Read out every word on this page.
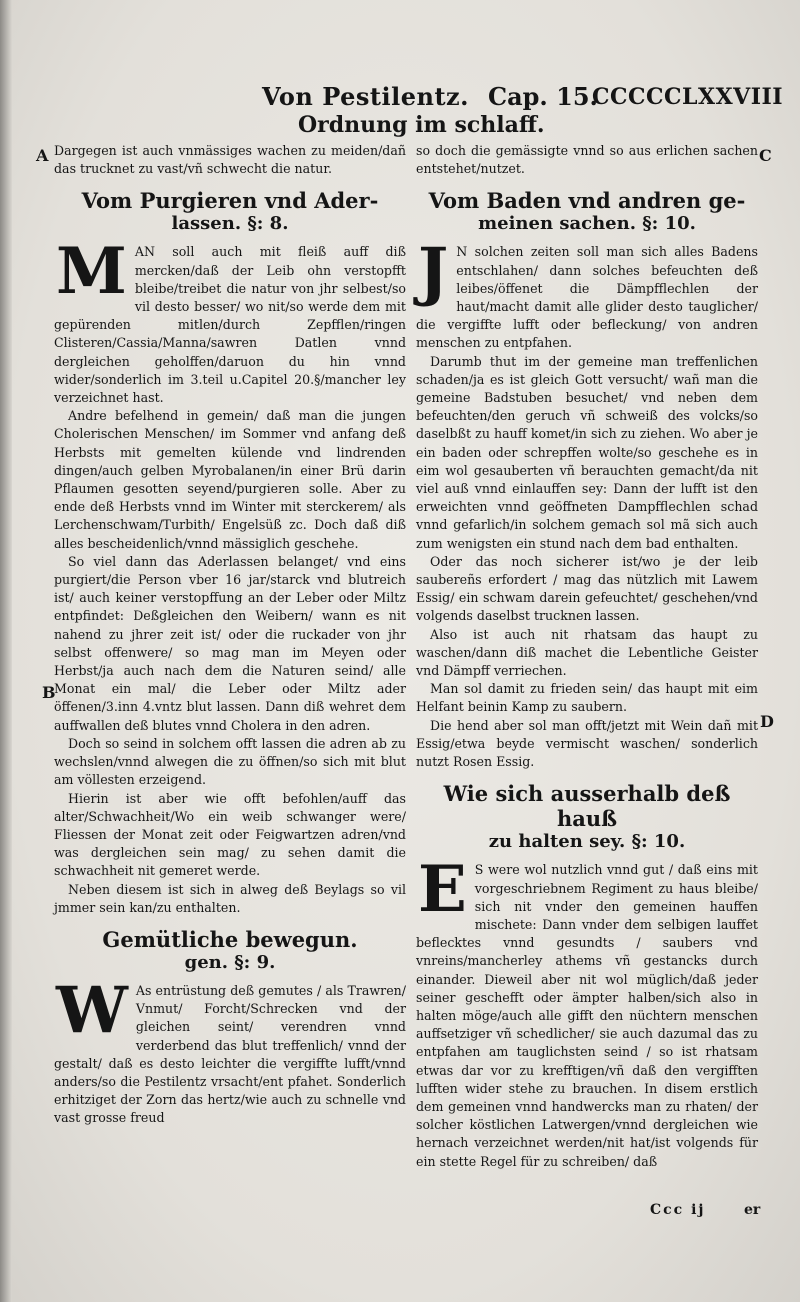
Von Pestilentz. Cap. 15.
CCCCCLXXVIII
Ordnung im schlaff.
A
B
C
D

Dargegen ist auch vnmässiges wachen zu meiden/dañ das trucknet zu vast/vñ schwecht die natur.

Vom Purgieren vnd Ader-
lassen. §: 8.

MAN soll auch mit fleiß auff diß mercken/daß der Leib ohn verstopfft bleibe/treibet die natur von jhr selbest/so vil desto besser/ wo nit/so werde dem mit gepürenden mitlen/durch Zepfflen/ringen Clisteren/Cassia/Manna/sawren Datlen vnnd dergleichen geholffen/daruon du hin vnnd wider/sonderlich im 3.teil u.Capitel 20.§/mancher ley verzeichnet hast.

Andre befelhend in gemein/ daß man die jungen Cholerischen Menschen/ im Sommer vnd anfang deß Herbsts mit gemelten külende vnd lindrenden dingen/auch gelben Myrobalanen/in einer Brü darin Pflaumen gesotten seyend/purgieren solle. Aber zu ende deß Herbsts vnnd im Winter mit sterckerem/ als Lerchenschwam/Turbith/ Engelsüß zc. Doch daß diß alles bescheidenlich/vnnd mässiglich geschehe.

So viel dann das Aderlassen belanget/ vnd eins purgiert/die Person vber 16 jar/starck vnd blutreich ist/ auch keiner verstopffung an der Leber oder Miltz entpfindet: Deßgleichen den Weibern/ wann es nit nahend zu jhrer zeit ist/ oder die ruckader von jhr selbst offenwere/ so mag man im Meyen oder Herbst/ja auch nach dem die Naturen seind/ alle Monat ein mal/ die Leber oder Miltz ader öffenen/3.inn 4.vntz blut lassen. Dann diß wehret dem auffwallen deß blutes vnnd Cholera in den adren.

Doch so seind in solchem offt lassen die adren ab zu wechslen/vnnd alwegen die zu öffnen/so sich mit blut am völlesten erzeigend.

Hierin ist aber wie offt befohlen/auff das alter/Schwachheit/Wo ein weib schwanger were/ Fliessen der Monat zeit oder Feigwartzen adren/vnd was dergleichen sein mag/ zu sehen damit die schwachheit nit gemeret werde.

Neben diesem ist sich in alweg deß Beylags so vil jmmer sein kan/zu enthalten.

Gemütliche bewegun.
gen. §: 9.

W As entrüstung deß gemutes / als Trawren/ Vnmut/ Forcht/Schrecken vnd der gleichen seint/ verendren vnnd verderbend das blut treffenlich/ vnnd der gestalt/ daß es desto leichter die vergiffte lufft/vnnd anders/so die Pestilentz vrsacht/ent pfahet. Sonderlich erhitziget der Zorn das hertz/wie auch zu schnelle vnd vast grosse freud

so doch die gemässigte vnnd so aus erlichen sachen entstehet/nutzet.

Vom Baden vnd andren ge-
meinen sachen. §: 10.

J N solchen zeiten soll man sich alles Badens entschlahen/ dann solches befeuchten deß leibes/öffenet die Dämpfflechlen der haut/macht damit alle glider desto tauglicher/ die vergiffte lufft oder befleckung/ von andren menschen zu entpfahen.

Darumb thut im der gemeine man treffenlichen schaden/ja es ist gleich Gott versucht/ wañ man die gemeine Badstuben besuchet/ vnd neben dem befeuchten/den geruch vñ schweiß des volcks/so daselbßt zu hauff komet/in sich zu ziehen. Wo aber je ein baden oder schrepffen wolte/so geschehe es in eim wol gesauberten vñ berauchten gemacht/da nit viel auß vnnd einlauffen sey: Dann der lufft ist den erweichten vnnd geöffneten Dampfflechlen schad vnnd gefarlich/in solchem gemach sol mã sich auch zum wenigsten ein stund nach dem bad enthalten.

Oder das noch sicherer ist/wo je der leib saubereñs erfordert / mag das nützlich mit Lawem Essig/ ein schwam darein gefeuchtet/ geschehen/vnd volgends daselbst trucknen lassen.

Also ist auch nit rhatsam das haupt zu waschen/dann diß machet die Lebentliche Geister vnd Dämpff verriechen.

Man sol damit zu frieden sein/ das haupt mit eim Helfant beinin Kamp zu saubern.

Die hend aber sol man offt/jetzt mit Wein dañ mit Essig/etwa beyde vermischt waschen/ sonderlich nutzt Rosen Essig.

Wie sich ausserhalb deß hauß
zu halten sey. §: 10.

E S were wol nutzlich vnnd gut / daß eins mit vorgeschriebnem Regiment zu haus bleibe/ sich nit vnder den gemeinen hauffen mischete: Dann vnder dem selbigen lauffet beflecktes vnnd gesundts / saubers vnd vnreins/mancherley athems vñ gestancks durch einander. Dieweil aber nit wol müglich/daß jeder seiner geschefft oder ämpter halben/sich also in halten möge/auch alle gifft den nüchtern menschen auffsetziger vñ schedlicher/ sie auch dazumal das zu entpfahen am tauglichsten seind / so ist rhatsam etwas dar vor zu krefftigen/vñ daß den vergifften lufften wider stehe zu brauchen. In disem erstlich dem gemeinen vnnd handwercks man zu rhaten/ der solcher köstlichen Latwergen/vnnd dergleichen wie hernach verzeichnet werden/nit hat/ist volgends für ein stette Regel für zu schreiben/ daß

Ccc ij	er
